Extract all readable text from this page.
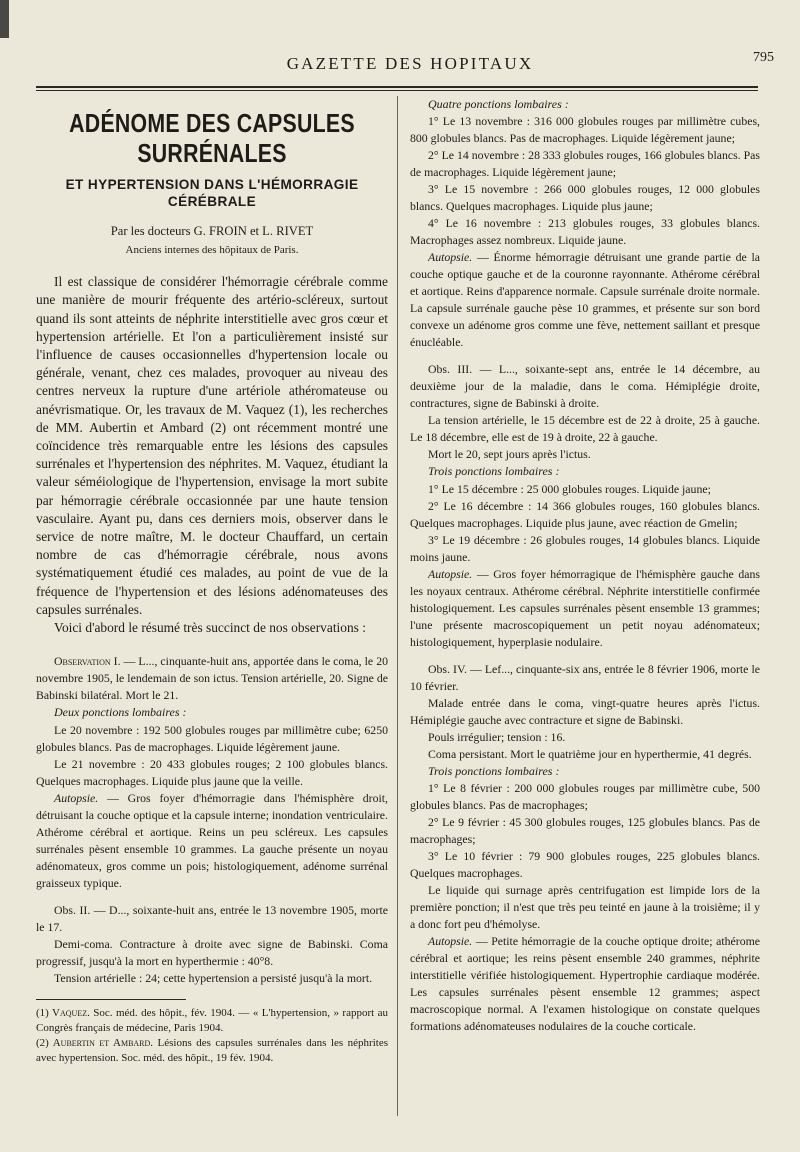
GAZETTE DES HOPITAUX	795
ADÉNOME DES CAPSULES SURRÉNALES
ET HYPERTENSION DANS L'HÉMORRAGIE CÉRÉBRALE
Par les docteurs G. FROIN et L. RIVET
Anciens internes des hôpitaux de Paris.

Il est classique de considérer l'hémorragie cérébrale comme une manière de mourir fréquente des artério-scléreux, surtout quand ils sont atteints de néphrite interstitielle avec gros cœur et hypertension artérielle. Et l'on a particulièrement insisté sur l'influence de causes occasionnelles d'hypertension locale ou générale, venant, chez ces malades, provoquer au niveau des centres nerveux la rupture d'une artériole athéromateuse ou anévrismatique. Or, les travaux de M. Vaquez (1), les recherches de MM. Aubertin et Ambard (2) ont récemment montré une coïncidence très remarquable entre les lésions des capsules surrénales et l'hypertension des néphrites. M. Vaquez, étudiant la valeur séméiologique de l'hypertension, envisage la mort subite par hémorragie cérébrale occasionnée par une haute tension vasculaire. Ayant pu, dans ces derniers mois, observer dans le service de notre maître, M. le docteur Chauffard, un certain nombre de cas d'hémorragie cérébrale, nous avons systématiquement étudié ces malades, au point de vue de la fréquence de l'hypertension et des lésions adénomateuses des capsules surrénales.

Voici d'abord le résumé très succinct de nos observations :

Observation I. — L..., cinquante-huit ans, apportée dans le coma, le 20 novembre 1905, le lendemain de son ictus. Tension artérielle, 20. Signe de Babinski bilatéral. Mort le 21.

Deux ponctions lombaires :

Le 20 novembre : 192 500 globules rouges par millimètre cube; 6250 globules blancs. Pas de macrophages. Liquide légèrement jaune.

Le 21 novembre : 20 433 globules rouges; 2 100 globules blancs. Quelques macrophages. Liquide plus jaune que la veille.

Autopsie. — Gros foyer d'hémorragie dans l'hémisphère droit, détruisant la couche optique et la capsule interne; inondation ventriculaire. Athérome cérébral et aortique. Reins un peu scléreux. Les capsules surrénales pèsent ensemble 10 grammes. La gauche présente un noyau adénomateux, gros comme un pois; histologiquement, adénome surrénal graisseux typique.

Obs. II. — D..., soixante-huit ans, entrée le 13 novembre 1905, morte le 17.

Demi-coma. Contracture à droite avec signe de Babinski. Coma progressif, jusqu'à la mort en hyperthermie : 40°8.

Tension artérielle : 24; cette hypertension a persisté jusqu'à la mort.

(1) Vaquez. Soc. méd. des hôpit., fév. 1904. — « L'hypertension, » rapport au Congrès français de médecine, Paris 1904.

(2) Aubertin et Ambard. Lésions des capsules surrénales dans les néphrites avec hypertension. Soc. méd. des hôpit., 19 fév. 1904.

Quatre ponctions lombaires :

1° Le 13 novembre : 316 000 globules rouges par millimètre cubes, 800 globules blancs. Pas de macrophages. Liquide légèrement jaune;

2° Le 14 novembre : 28 333 globules rouges, 166 globules blancs. Pas de macrophages. Liquide légèrement jaune;

3° Le 15 novembre : 266 000 globules rouges, 12 000 globules blancs. Quelques macrophages. Liquide plus jaune;

4° Le 16 novembre : 213 globules rouges, 33 globules blancs. Macrophages assez nombreux. Liquide jaune.

Autopsie. — Énorme hémorragie détruisant une grande partie de la couche optique gauche et de la couronne rayonnante. Athérome cérébral et aortique. Reins d'apparence normale. Capsule surrénale droite normale. La capsule surrénale gauche pèse 10 grammes, et présente sur son bord convexe un adénome gros comme une fève, nettement saillant et presque énucléable.

Obs. III. — L..., soixante-sept ans, entrée le 14 décembre, au deuxième jour de la maladie, dans le coma. Hémiplégie droite, contractures, signe de Babinski à droite.

La tension artérielle, le 15 décembre est de 22 à droite, 25 à gauche. Le 18 décembre, elle est de 19 à droite, 22 à gauche.

Mort le 20, sept jours après l'ictus.

Trois ponctions lombaires :

1° Le 15 décembre : 25 000 globules rouges. Liquide jaune;

2° Le 16 décembre : 14 366 globules rouges, 160 globules blancs. Quelques macrophages. Liquide plus jaune, avec réaction de Gmelin;

3° Le 19 décembre : 26 globules rouges, 14 globules blancs. Liquide moins jaune.

Autopsie. — Gros foyer hémorragique de l'hémisphère gauche dans les noyaux centraux. Athérome cérébral. Néphrite interstitielle confirmée histologiquement. Les capsules surrénales pèsent ensemble 13 grammes; l'une présente macroscopiquement un petit noyau adénomateux; histologiquement, hyperplasie nodulaire.

Obs. IV. — Lef..., cinquante-six ans, entrée le 8 février 1906, morte le 10 février.

Malade entrée dans le coma, vingt-quatre heures après l'ictus. Hémiplégie gauche avec contracture et signe de Babinski.

Pouls irrégulier; tension : 16.

Coma persistant. Mort le quatrième jour en hyperthermie, 41 degrés.

Trois ponctions lombaires :

1° Le 8 février : 200 000 globules rouges par millimètre cube, 500 globules blancs. Pas de macrophages;

2° Le 9 février : 45 300 globules rouges, 125 globules blancs. Pas de macrophages;

3° Le 10 février : 79 900 globules rouges, 225 globules blancs. Quelques macrophages.

Le liquide qui surnage après centrifugation est limpide lors de la première ponction; il n'est que très peu teinté en jaune à la troisième; il y a donc fort peu d'hémolyse.

Autopsie. — Petite hémorragie de la couche optique droite; athérome cérébral et aortique; les reins pèsent ensemble 240 grammes, néphrite interstitielle vérifiée histologiquement. Hypertrophie cardiaque modérée. Les capsules surrénales pèsent ensemble 12 grammes; aspect macroscopique normal. A l'examen histologique on constate quelques formations adénomateuses nodulaires de la couche corticale.
